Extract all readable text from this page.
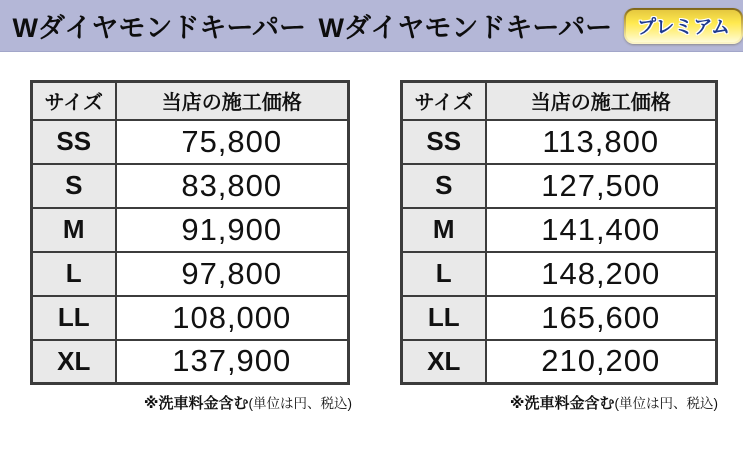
Wダイヤモンドキーパー Wダイヤモンドキーパー	プレミアム
サイズ	当店の施工価格
SS	75,800
S	83,800
M	91,900
L	97,800
LL	108,000
XL	137,900
※洗車料金含む(単位は円、税込)
サイズ	当店の施工価格
SS	113,800
S	127,500
M	141,400
L	148,200
LL	165,600
XL	210,200
※洗車料金含む(単位は円、税込)
